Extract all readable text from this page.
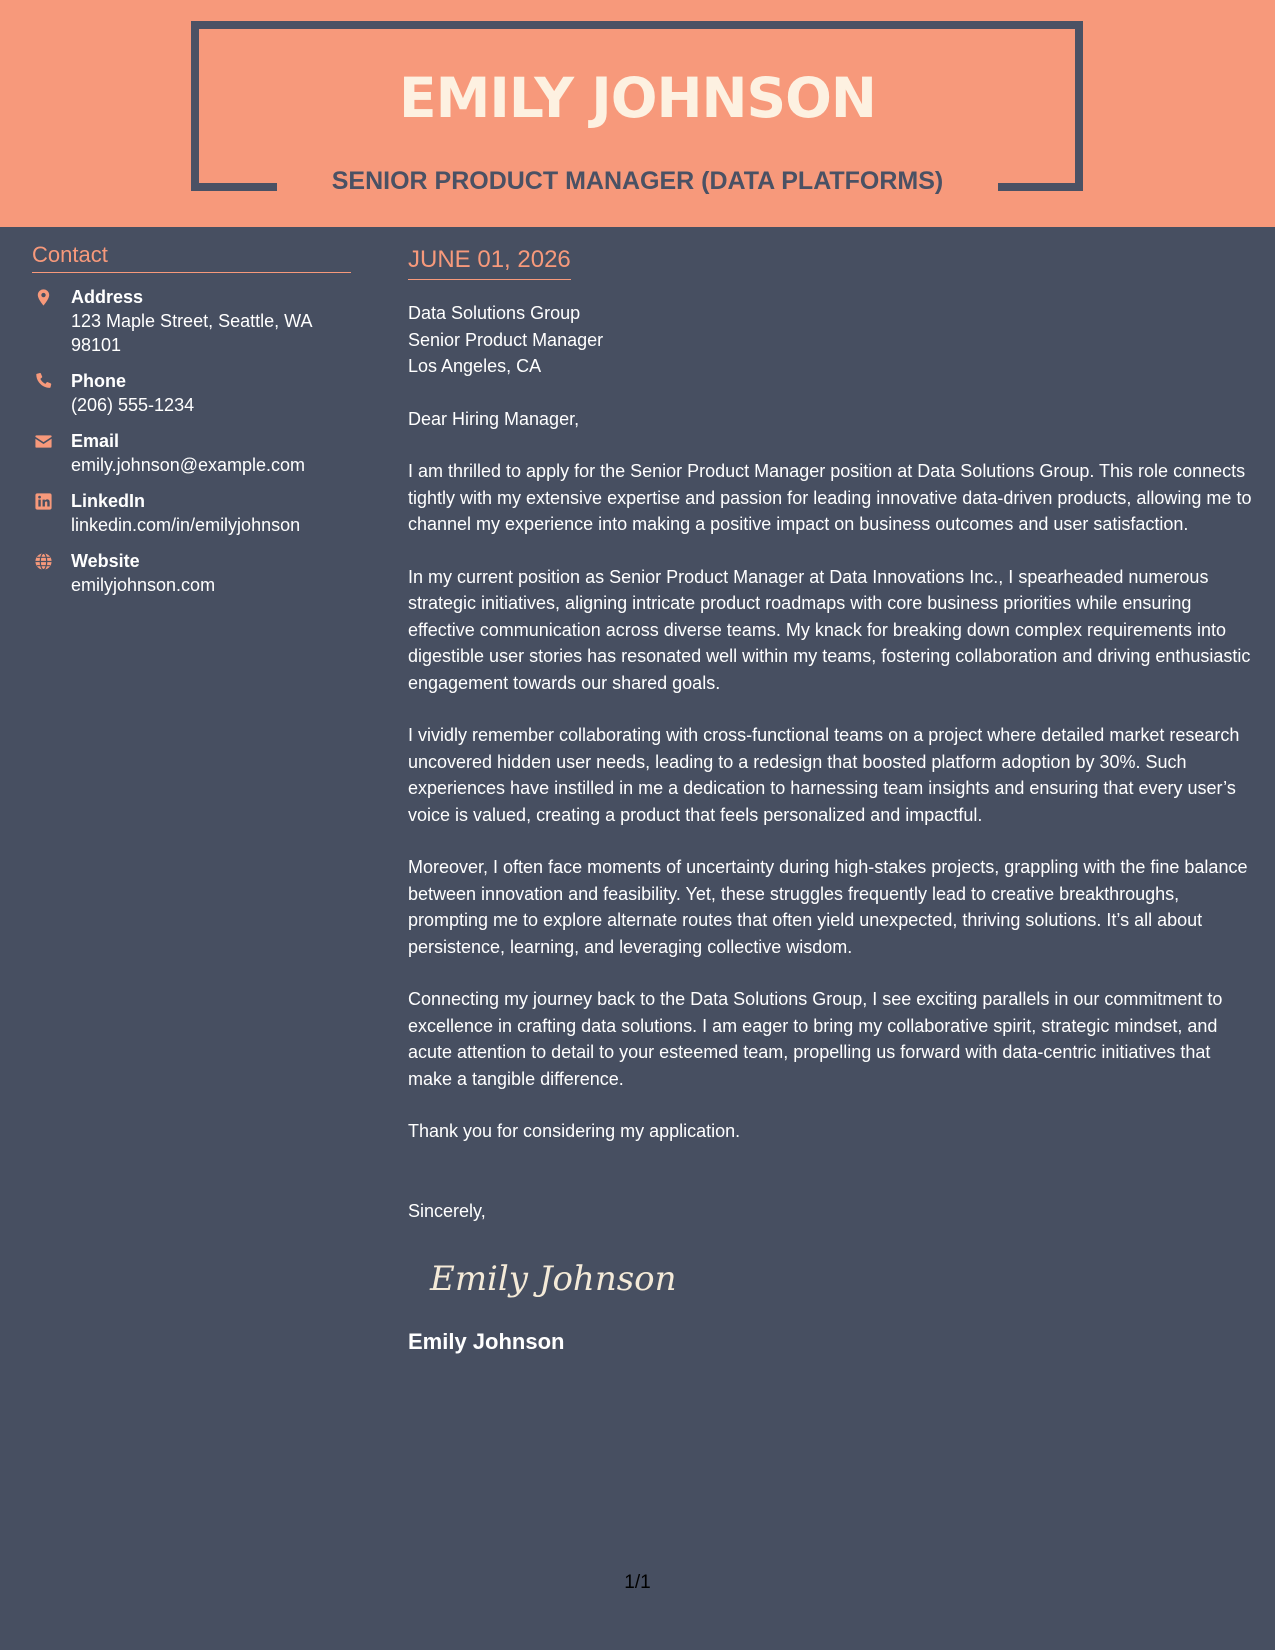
EMILY JOHNSON
SENIOR PRODUCT MANAGER (DATA PLATFORMS)
Contact
Address
123 Maple Street, Seattle, WA 98101
Phone
(206) 555-1234
Email
emily.johnson@example.com
LinkedIn
linkedin.com/in/emilyjohnson
Website
emilyjohnson.com
JUNE 01, 2026
Data Solutions Group
Senior Product Manager
Los Angeles, CA
Dear Hiring Manager,

I am thrilled to apply for the Senior Product Manager position at Data Solutions Group. This role connects tightly with my extensive expertise and passion for leading innovative data-driven products, allowing me to channel my experience into making a positive impact on business outcomes and user satisfaction.

In my current position as Senior Product Manager at Data Innovations Inc., I spearheaded numerous strategic initiatives, aligning intricate product roadmaps with core business priorities while ensuring effective communication across diverse teams. My knack for breaking down complex requirements into digestible user stories has resonated well within my teams, fostering collaboration and driving enthusiastic engagement towards our shared goals.

I vividly remember collaborating with cross-functional teams on a project where detailed market research uncovered hidden user needs, leading to a redesign that boosted platform adoption by 30%. Such experiences have instilled in me a dedication to harnessing team insights and ensuring that every user’s voice is valued, creating a product that feels personalized and impactful.

Moreover, I often face moments of uncertainty during high-stakes projects, grappling with the fine balance between innovation and feasibility. Yet, these struggles frequently lead to creative breakthroughs, prompting me to explore alternate routes that often yield unexpected, thriving solutions. It’s all about persistence, learning, and leveraging collective wisdom.

Connecting my journey back to the Data Solutions Group, I see exciting parallels in our commitment to excellence in crafting data solutions. I am eager to bring my collaborative spirit, strategic mindset, and acute attention to detail to your esteemed team, propelling us forward with data-centric initiatives that make a tangible difference.

Thank you for considering my application.

Sincerely,
Emily Johnson
Emily Johnson
1/1
